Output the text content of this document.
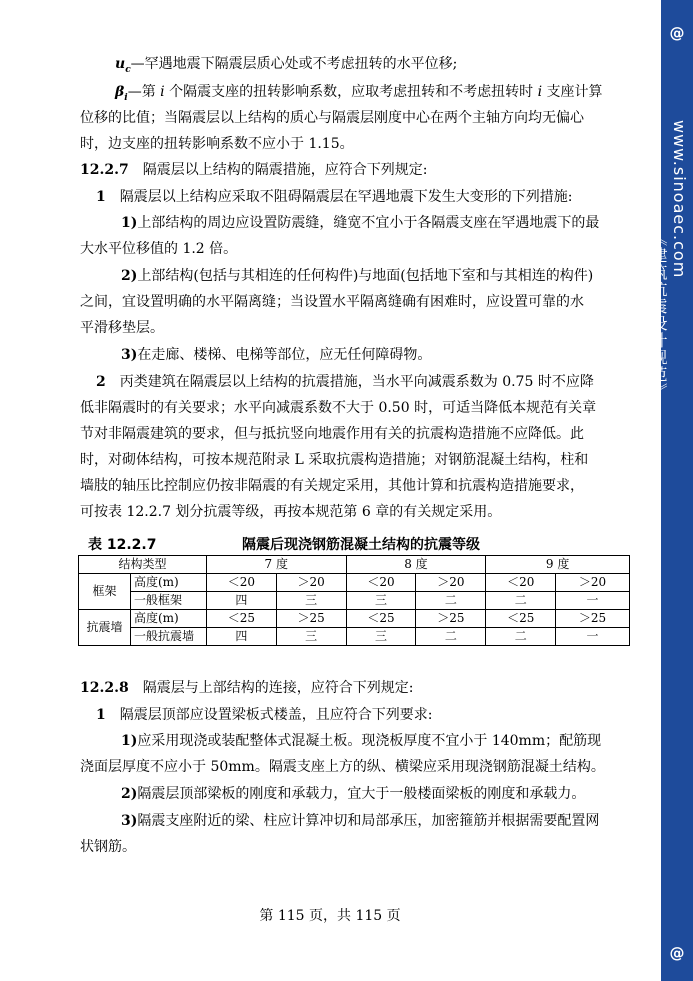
$u_c—$罕遇地震下隔震层质心处或不考虑扭转的水平位移;
$\beta_i—$第 i 个隔震支座的扭转影响系数，应取考虑扭转和不考虑扭转时 i 支座计算
位移的比值；当隔震层以上结构的质心与隔震层刚度中心在两个主轴方向均无偏心
时，边支座的扭转影响系数不应小于 1.15。
12.2.7　隔震层以上结构的隔震措施，应符合下列规定:
1　隔震层以上结构应采取不阻碍隔震层在罕遇地震下发生大变形的下列措施:
1)上部结构的周边应设置防震缝，缝宽不宜小于各隔震支座在罕遇地震下的最
大水平位移值的 1.2 倍。
2)上部结构(包括与其相连的任何构件)与地面(包括地下室和与其相连的构件)
之间，宜设置明确的水平隔离缝；当设置水平隔离缝确有困难时，应设置可靠的水
平滑移垫层。
3)在走廊、楼梯、电梯等部位，应无任何障碍物。
2　丙类建筑在隔震层以上结构的抗震措施，当水平向减震系数为 0.75 时不应降
低非隔震时的有关要求；水平向减震系数不大于 0.50 时，可适当降低本规范有关章
节对非隔震建筑的要求，但与抵抗竖向地震作用有关的抗震构造措施不应降低。此
时，对砌体结构，可按本规范附录 L 采取抗震构造措施；对钢筋混凝土结构，柱和
墙肢的轴压比控制应仍按非隔震的有关规定采用，其他计算和抗震构造措施要求，
可按表 12.2.7 划分抗震等级，再按本规范第 6 章的有关规定采用。
表 12.2.7	隔震后现浇钢筋混凝土结构的抗震等级
结构类型		7 度		8 度		9 度	
框架	高度(m)	＜20	＞20	＜20	＞20	＜20	＞20
	一般框架	四	三	三	二	二	一
抗震墙	高度(m)	＜25	＞25	＜25	＞25	＜25	＞25
	一般抗震墙	四	三	三	二	二	一
12.2.8　隔震层与上部结构的连接，应符合下列规定:
1　隔震层顶部应设置梁板式楼盖，且应符合下列要求:
1)应采用现浇或装配整体式混凝土板。现浇板厚度不宜小于 140mm；配筋现
浇面层厚度不应小于 50mm。隔震支座上方的纵、横梁应采用现浇钢筋混凝土结构。
2)隔震层顶部梁板的刚度和承载力，宜大于一般楼面梁板的刚度和承载力。
3)隔震支座附近的梁、柱应计算冲切和局部承压，加密箍筋并根据需要配置网
状钢筋。
第 115 页，共 115 页
@
www.sinoaec.com
《建筑抗震设计规范》
资料编号: GB 50011--2001
@
